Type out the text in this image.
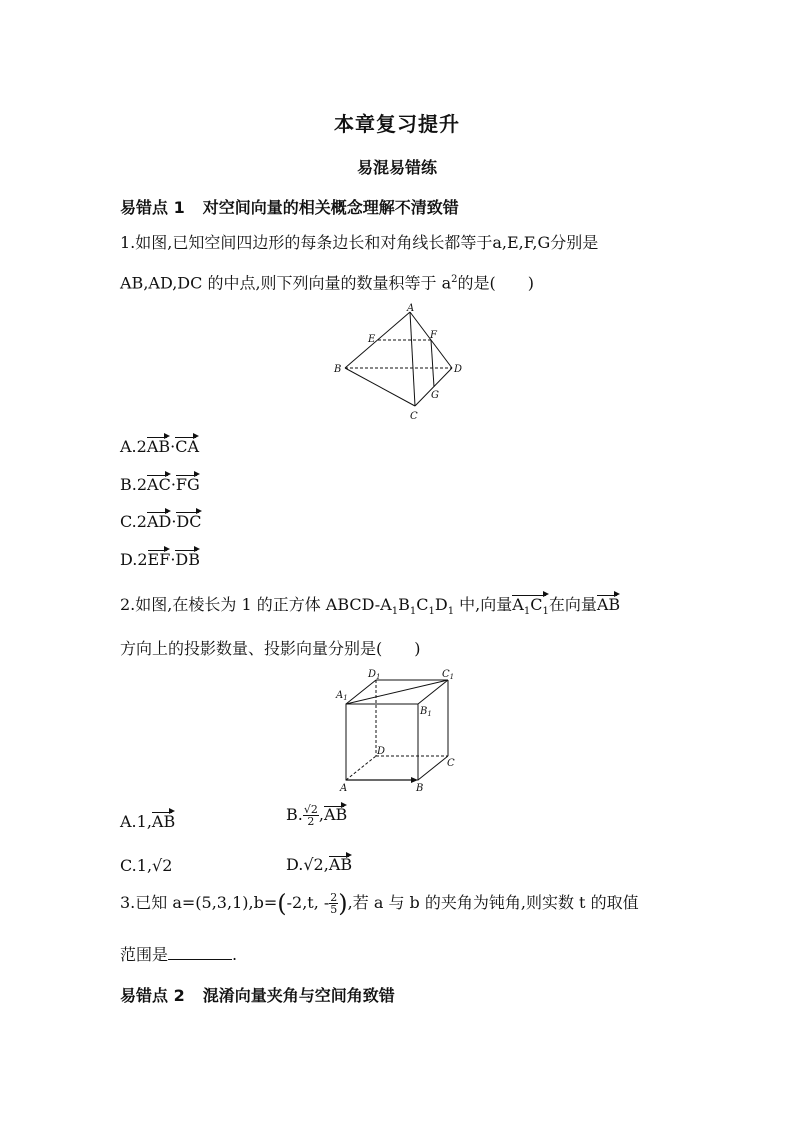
本章复习提升
易混易错练
易错点 1 对空间向量的相关概念理解不清致错
1.如图,已知空间四边形的每条边长和对角线长都等于a,E,F,G分别是
AB,AD,DC 的中点,则下列向量的数量积等于 $a^2$的是(　　)
A
E	F
B	D
G
C
A.2AB·CA
B.2AC·FG
C.2AD·DC
D.2EF·DB
2.如图,在棱长为 1 的正方体 ABCD-$A_1B_1C_1D_1$ 中,向量$A_1C_1$在向量AB
方向上的投影数量、投影向量分别是(　　)
$D_1$	$C_1$
$A_1$
$B_1$
D
C
A	B
A.1,AB	B. $\frac{√2}{2} ,AB$
C.1,√2	D.√2,AB
3.已知 a=(5,3,1),b=(-2,t, - $\frac{2}{5}$ ),若 a 与 b 的夹角为钝角,则实数 t 的取值
范围是	.
易错点 2 混淆向量夹角与空间角致错
